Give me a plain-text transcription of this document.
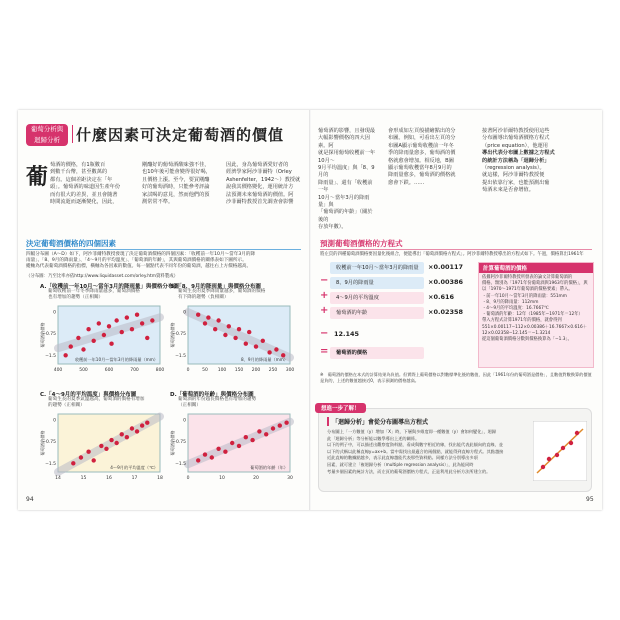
葡萄分析與
迴歸分析	什麼因素可決定葡萄酒的價值
葡 萄酒的價格，有1瓶數百
到數千台幣，甚至數萬的
都有。這個差距決定在「年
頭」。葡萄酒的味道因生產年份
而有很大的差異，並且會隨著
時間流逝而逐漸變化，因此，
剛釀好的葡萄酒酸味強不佳，
也10年後可能會變得很好喝，
且價格上漲。至今，要買剛釀
好的葡萄酒時，只能參考評論
家試喝的意見，然而他們的預
測常常不準。
因此，身為葡萄酒愛好者的
經濟學家阿沙菲爾特（Orley
Ashenfelter，1942～）教授就
說我其價格變化，運用統計方
法預測未來葡萄酒的價值。阿
沙菲爾特教授首先調查會影響
決定葡萄酒價格的四個因素
四幅分布圖（A～D）如下，阿沙菲爾特教授發現了決定葡萄酒價格的四個因素：「收穫前一年10月～當年3月的降
雨量」、「8、9月的降雨量」、「4～9月的平均溫度」、「葡萄酒的年齡」，其與葡萄酒價格的關係表如下圖所示。
縱軸為代表葡萄酒價格的指標，橫軸為各因素的數值。每一個點代表不同年份的葡萄酒，越往右上方價格越高。
（分布圖：乃至比率亦依http://www.liquidasset.com/orley.htm資料製成）
A.「收穫前一年10月～當年3月的降雨量」與價格分布圖
葡萄收穫前一年冬季降雨量越多，葡萄酒價格
也有增加的趨勢（正相關）
0
−0.75
−1.5
400	500	600	700	800
葡萄酒的價格
收穫前一年10月～當年3月的降雨量（mm）
B.「8、9月的降雨量」與價格分布圖
葡萄生長的夏季降雨量越多，葡萄酒的價格
有下降的趨勢（負相關）
0
−0.75
−1.5
0	50 100 150 200 250 300
葡萄酒的價格
8、9月的降雨量（mm）
C.「4～9月的平均溫度」與價格分布圖
葡萄生長的夏季氣溫越高，葡萄酒的價格有增加
的趨勢（正相關）
0
−0.75
−1.5
14	15	16	17	18
葡萄酒的價格
4～9月的平均溫度（℃）
D.「葡萄酒的年齡」與價格分布圖
葡萄酒的年份越長價格也有增加的趨勢
（正相關）
0
−0.75
−1.5
0	10	20	30
葡萄酒的價格
葡萄酒的年齡（年）
94
葡萄酒的影響，且發現最
大幅影響價格的四大因素。阿
就是探用葡萄收穫前一年10月～
9月平均溫度」與「8、9月的
降雨量」、還有「收穫前一年
10月～當年3月的降雨量」與
「葡萄酒的年齡」（關於後的
存放年數）。
會形成如左頁般描繪點出的分
布圖。例如，可看出左頁的分
布圖A顯示葡萄收穫前一年冬
季的降雨量愈多，葡萄酒的價
格就愈會增加。相反地，B圖
顯示葡萄收穫當年8月9月的
降雨量愈多，葡萄酒的價格就
愈會下跌。……
接著阿沙菲爾特教授使用這些
分布圖導出葡萄酒價格方程式
（price equation），他運用
導出代表分布圖上數據之方程式
的統計方法稱為「迴歸分析」
（regression analysis）。
就這樣，阿沙菲爾特教授便
提出依靠行家，也能預測出葡
萄酒未來是否會增值。
預測葡萄酒價格的方程式
將左頁的四種葡萄酒價格要因量化後組合，便能導出「葡萄酒價格方程式」。阿沙菲爾特教授導出的方程式如下。午過，價格算出1961年
收穫前一年10月～當年3月的降雨量	×0.00117
−	8、9月的降雨量	×0.00386
+	4～9月的平均溫度	×0.616
+	葡萄酒的年齡	×0.02358
計算葡萄酒的價格
依據阿沙菲爾特教授所發表的論文計算葡萄酒的
價格。類別為「1971年份葡萄酒與1963年的價格」，與
以「1970～1971年葡萄酒的價格要素」帶入。
・前一年10月～當年3月的降雨量：551mm
・8、9月的降雨量：112mm
・4～9月的平均溫度：16.7667℃
・葡萄酒的年齡：12年（1985年−1971年＝12年）
帶入方程式計算1971年的價格，就會得到
551×0.00117−112×0.00386＋16.7667×0.616＋
12×0.02358−12.145＝−1.3214
從這個葡萄酒價格分數與價格換算為「−1.3」。
− 12.145
=	葡萄酒的價格
※　葡萄酒的價格在本式的計算結果為負值。但實際上葡萄價格以對數標準化後的數值，因此「1961年份的葡萄酒是價格」，且數值對數換算的價值是負的，上述的數值越接近0，表示預測的價格越高。
想進一步了解！
「迴歸分析」會從分布圖導出方程式
分布圖上「一方數值（y）増加「X」時，下層與多維度即一種數值（y）會如何變化」，迴歸
此「迴歸分析」等分析能以數學導出上述的關係。
以下的例子中，可以描述出觀察度資料點，看成與數字相近的線，找出能代表此傾向的直線，並
以下的式稱以此稱直線y=ax+b。當中需找出最適合的兩個點，就能得到直線方程式。其點越接
近此直線的數據點越多，表示此直線越能代表那些資料點。同樣方法分別導出多項
因素，就可建立「複迴歸分析（multiple regression analysis）」，此為能同時
考量多個因素的統計方法，而左頁的葡萄酒價格方程式，正是利用此分析方法所建立的。
95
